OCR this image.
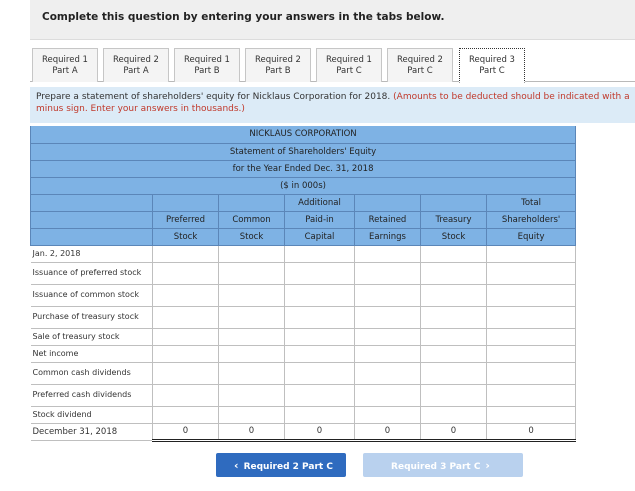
Complete this question by entering your answers in the tabs below.
Required 1
Part A
Required 2
Part A
Required 1
Part B
Required 2
Part B
Required 1
Part C
Required 2
Part C
Required 3
Part C
Prepare a statement of shareholders' equity for Nicklaus Corporation for 2018. (Amounts to be deducted should be indicated with a
minus sign. Enter your answers in thousands.)
NICKLAUS CORPORATION						
Statement of Shareholders' Equity						
for the Year Ended Dec. 31, 2018						
($ in 000s)						
			Additional			Total
	Preferred	Common	Paid-in	Retained	Treasury	Shareholders'
	Stock	Stock	Capital	Earnings	Stock	Equity
Jan. 2, 2018						
Issuance of preferred stock						
Issuance of common stock						
Purchase of treasury stock						
Sale of treasury stock						
Net income						
Common cash dividends						
Preferred cash dividends						
Stock dividend						
December 31, 2018	0	0	0	0	0	0
‹ Required 2 Part C	Required 3 Part C ›
